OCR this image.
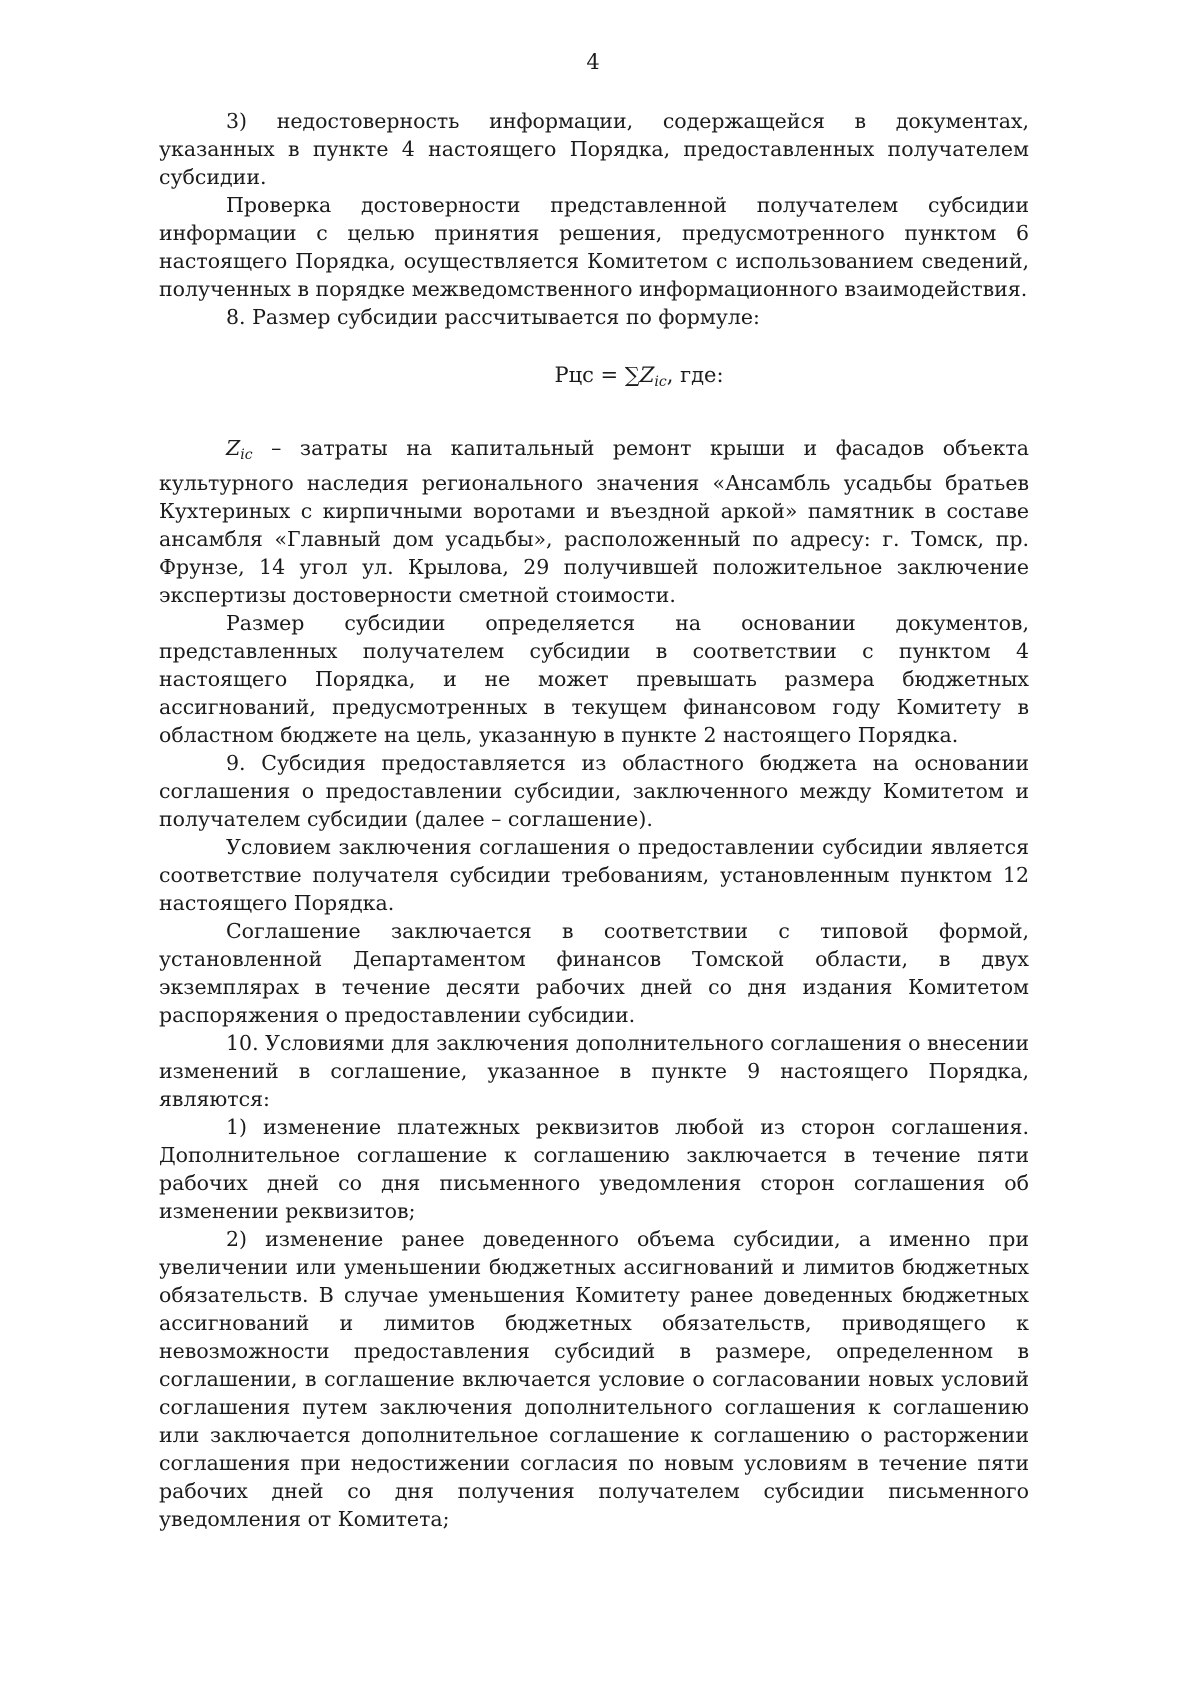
4

3) недостоверность информации, содержащейся в документах, указанных в пункте 4 настоящего Порядка, предоставленных получателем субсидии.

Проверка достоверности представленной получателем субсидии информации с целью принятия решения, предусмотренного пунктом 6 настоящего Порядка, осуществляется Комитетом с использованием сведений, полученных в порядке межведомственного информационного взаимодействия.

8. Размер субсидии рассчитывается по формуле:

Рцс = $\sum Z_{ic}$, где:

$Z_{ic}$ – затраты на капитальный ремонт крыши и фасадов объекта культурного наследия регионального значения «Ансамбль усадьбы братьев Кухтериных с кирпичными воротами и въездной аркой» памятник в составе ансамбля «Главный дом усадьбы», расположенный по адресу: г. Томск, пр. Фрунзе, 14 угол ул. Крылова, 29 получившей положительное заключение экспертизы достоверности сметной стоимости.

Размер субсидии определяется на основании документов, представленных получателем субсидии в соответствии с пунктом 4 настоящего Порядка, и не может превышать размера бюджетных ассигнований, предусмотренных в текущем финансовом году Комитету в областном бюджете на цель, указанную в пункте 2 настоящего Порядка.

9. Субсидия предоставляется из областного бюджета на основании соглашения о предоставлении субсидии, заключенного между Комитетом и получателем субсидии (далее – соглашение).

Условием заключения соглашения о предоставлении субсидии является соответствие получателя субсидии требованиям, установленным пунктом 12 настоящего Порядка.

Соглашение заключается в соответствии с типовой формой, установленной Департаментом финансов Томской области, в двух экземплярах в течение десяти рабочих дней со дня издания Комитетом распоряжения о предоставлении субсидии.

10. Условиями для заключения дополнительного соглашения о внесении изменений в соглашение, указанное в пункте 9 настоящего Порядка, являются:

1) изменение платежных реквизитов любой из сторон соглашения. Дополнительное соглашение к соглашению заключается в течение пяти рабочих дней со дня письменного уведомления сторон соглашения об изменении реквизитов;

2) изменение ранее доведенного объема субсидии, а именно при увеличении или уменьшении бюджетных ассигнований и лимитов бюджетных обязательств. В случае уменьшения Комитету ранее доведенных бюджетных ассигнований и лимитов бюджетных обязательств, приводящего к невозможности предоставления субсидий в размере, определенном в соглашении, в соглашение включается условие о согласовании новых условий соглашения путем заключения дополнительного соглашения к соглашению или заключается дополнительное соглашение к соглашению о расторжении соглашения при недостижении согласия по новым условиям в течение пяти рабочих дней со дня получения получателем субсидии письменного уведомления от Комитета;
